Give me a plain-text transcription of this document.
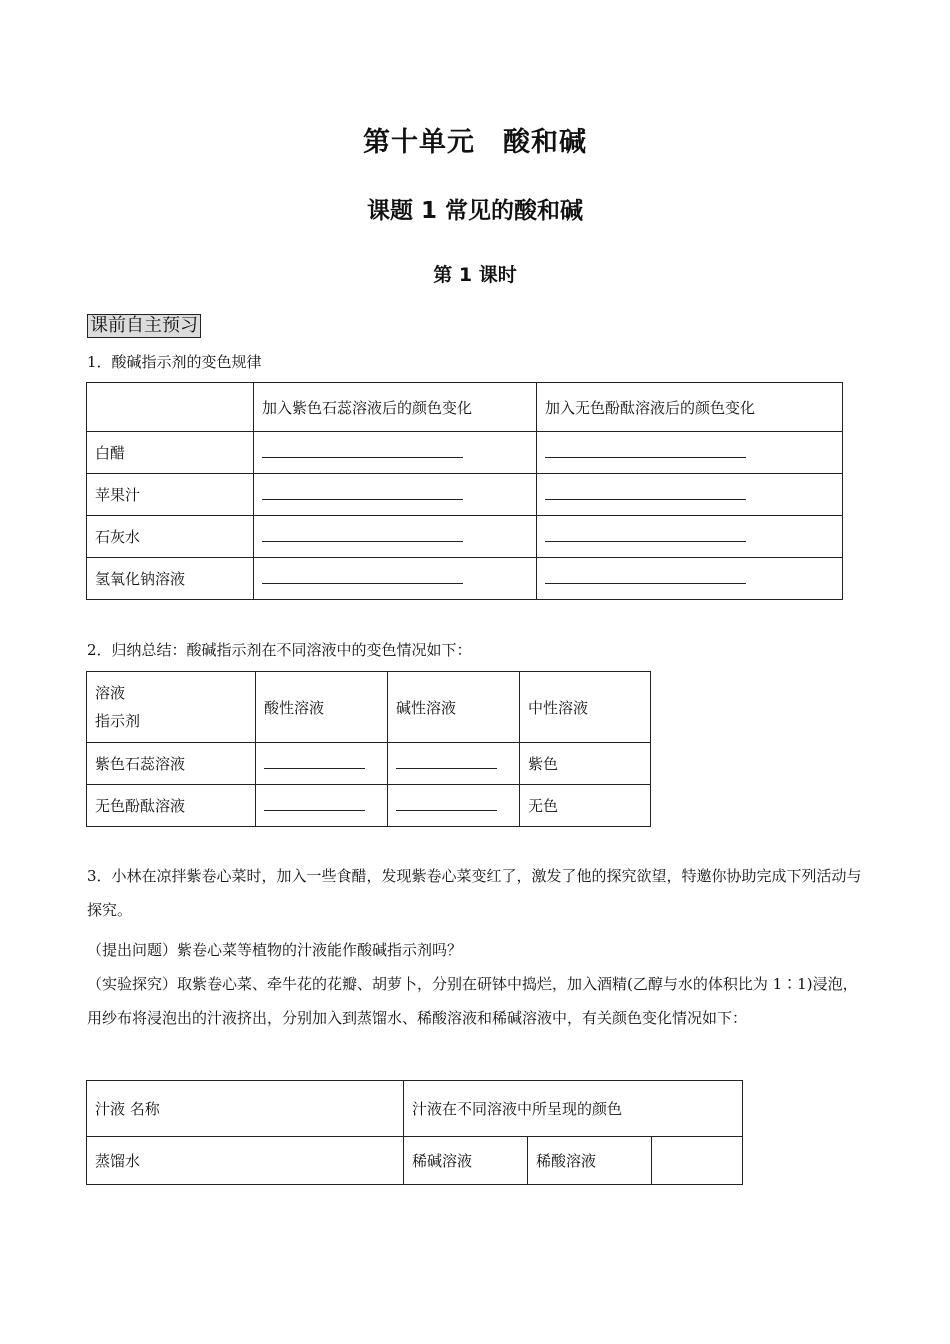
第十单元　酸和碱
课题 1 常见的酸和碱
第 1 课时
课前自主预习
1．酸碱指示剂的变色规律
	加入紫色石蕊溶液后的颜色变化	加入无色酚酞溶液后的颜色变化
白醋		
苹果汁		
石灰水		
氢氧化钠溶液		
2．归纳总结：酸碱指示剂在不同溶液中的变色情况如下：
溶液
指示剂	酸性溶液	碱性溶液	中性溶液
紫色石蕊溶液			紫色
无色酚酞溶液			无色
3．小林在凉拌紫卷心菜时，加入一些食醋，发现紫卷心菜变红了，激发了他的探究欲望，特邀你协助完成下列活动与探究。
（提出问题）紫卷心菜等植物的汁液能作酸碱指示剂吗？
（实验探究）取紫卷心菜、牵牛花的花瓣、胡萝卜，分别在研钵中捣烂，加入酒精(乙醇与水的体积比为 1∶1)浸泡，用纱布将浸泡出的汁液挤出，分别加入到蒸馏水、稀酸溶液和稀碱溶液中，有关颜色变化情况如下：
汁液 名称	汁液在不同溶液中所呈现的颜色		
蒸馏水	稀碱溶液	稀酸溶液	
